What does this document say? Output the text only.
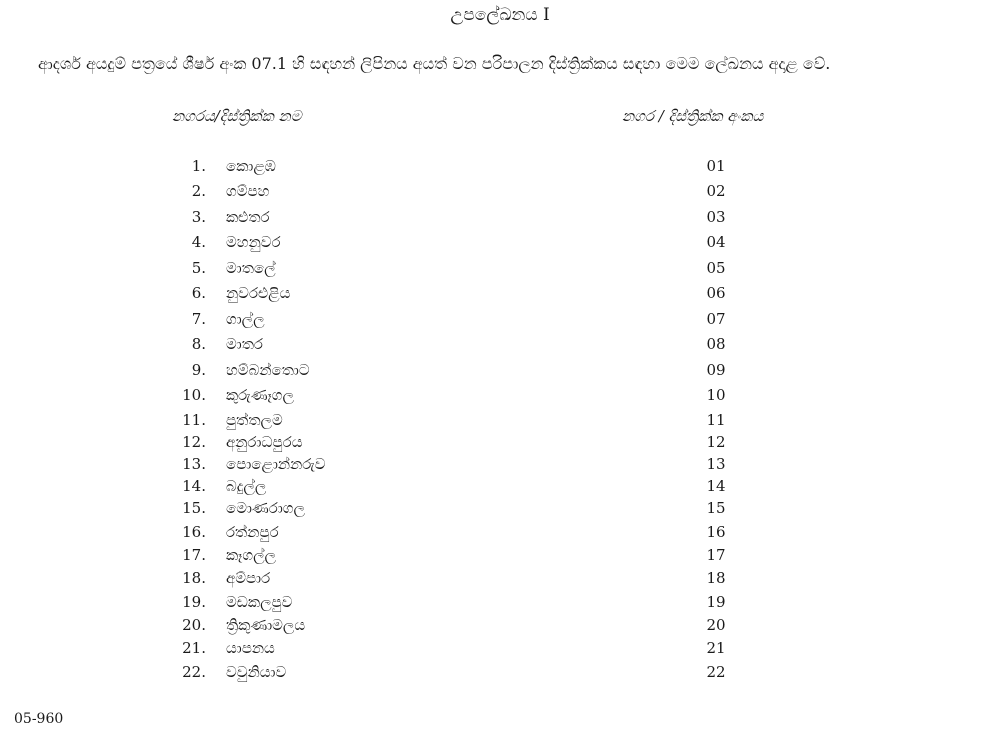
උපලේඛනය I
ආදර්ශ අයදුම් පත්‍රයේ ශීර්ෂ අංක 07.1 හි සඳහන් ලිපිනය අයත් වන පරිපාලන දිස්ත්‍රික්කය සඳහා මෙම ලේඛනය අදාළ වේ.
නගරය/දිස්ත්‍රික්ක නම	නගර / දිස්ත්‍රික්ක අංකය
1. කොළඹ	01
2. ගම්පහ	02
3. කළුතර	03
4. මහනුවර	04
5. මාතලේ	05
6. නුවරඑළිය	06
7. ගාල්ල	07
8. මාතර	08
9. හම්බන්තොට	09
10. කුරුණෑගල	10
11. පුත්තලම	11
12. අනුරාධපුරය	12
13. පොළොන්නරුව	13
14. බදුල්ල	14
15. මොණරාගල	15
16. රත්නපුර	16
17. කෑගල්ල	17
18. අම්පාර	18
19. මඩකලපුව	19
20. ත්‍රිකුණාමලය	20
21. යාපනය	21
22. වවුනියාව	22
05-960
